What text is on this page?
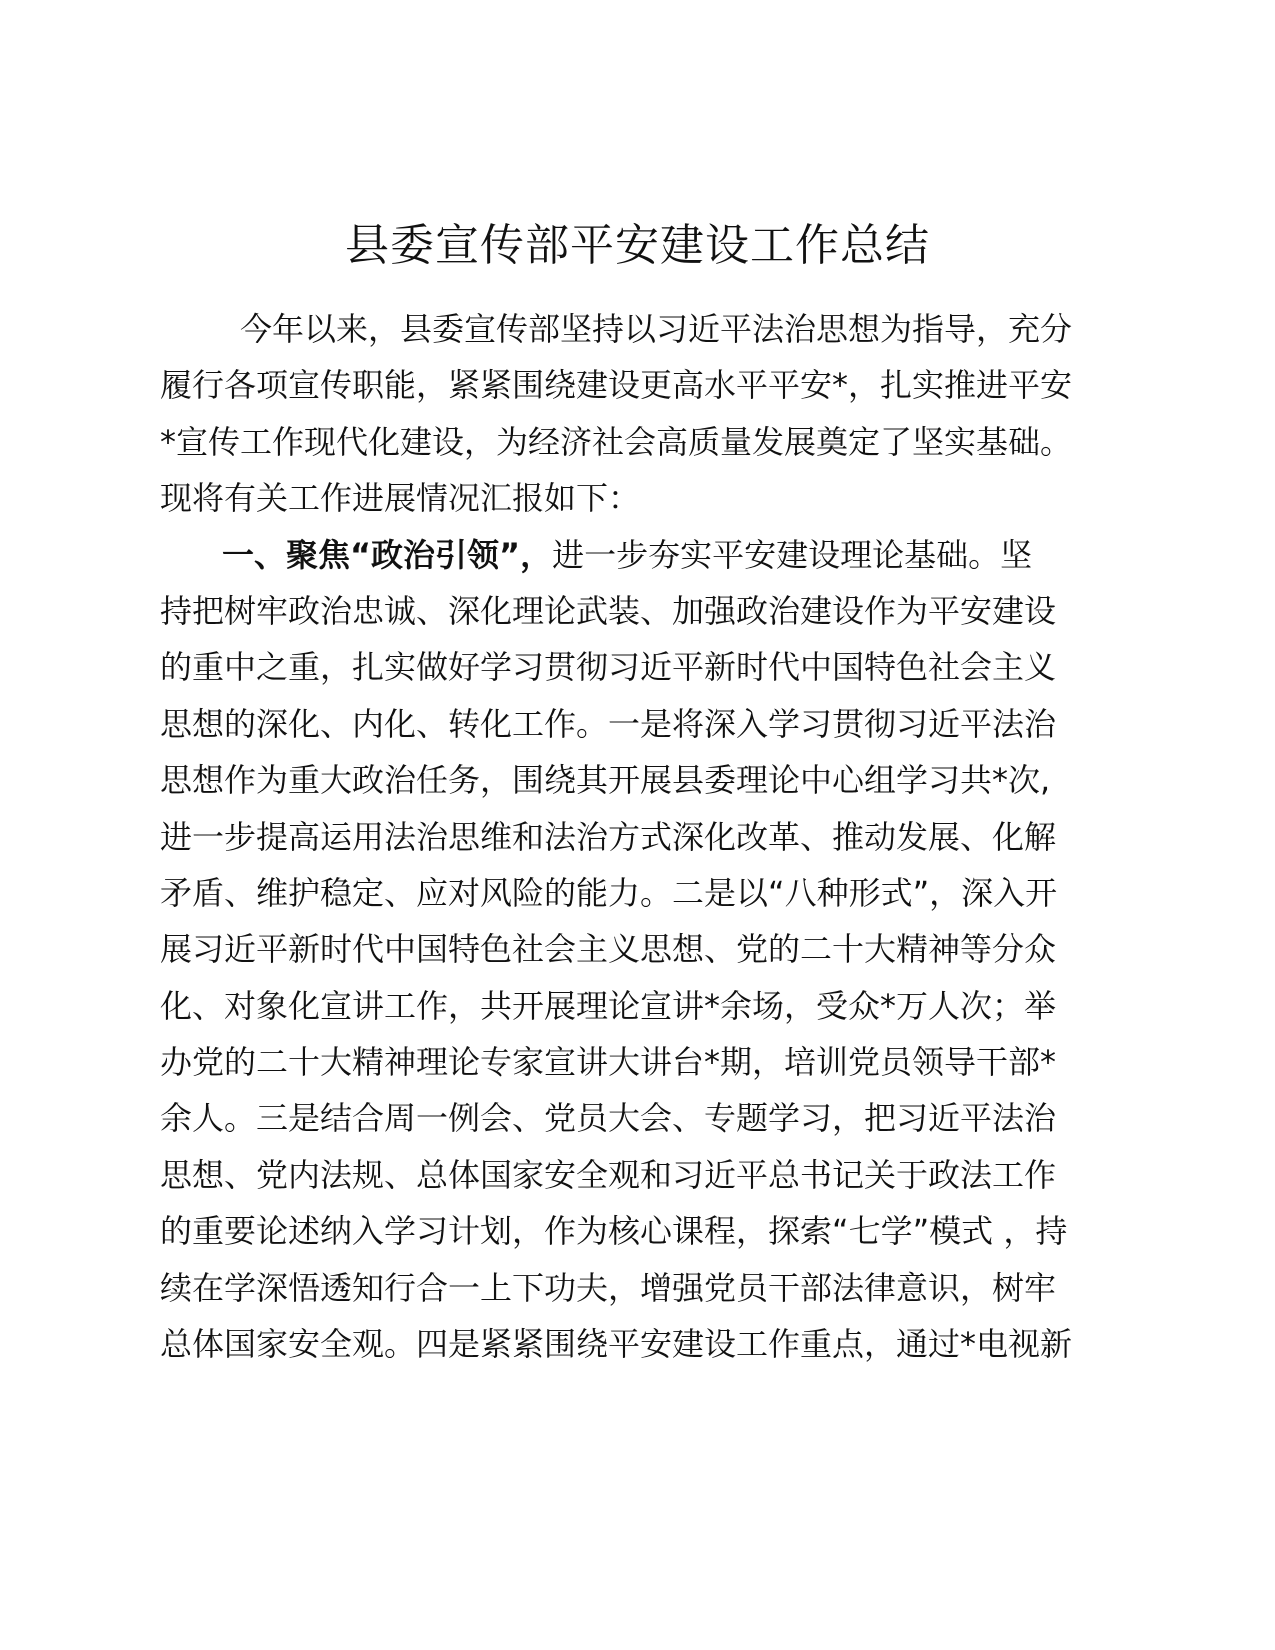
县委宣传部平安建设工作总结
今年以来，县委宣传部坚持以习近平法治思想为指导，充分
履行各项宣传职能，紧紧围绕建设更高水平平安*，扎实推进平安
*宣传工作现代化建设，为经济社会高质量发展奠定了坚实基础。
现将有关工作进展情况汇报如下：
一、聚焦“政治引领”，进一步夯实平安建设理论基础。坚
持把树牢政治忠诚、深化理论武装、加强政治建设作为平安建设
的重中之重，扎实做好学习贯彻习近平新时代中国特色社会主义
思想的深化、内化、转化工作。一是将深入学习贯彻习近平法治
思想作为重大政治任务，围绕其开展县委理论中心组学习共*次,
进一步提高运用法治思维和法治方式深化改革、推动发展、化解
矛盾、维护稳定、应对风险的能力。二是以“八种形式”，深入开
展习近平新时代中国特色社会主义思想、党的二十大精神等分众
化、对象化宣讲工作，共开展理论宣讲*余场，受众*万人次；举
办党的二十大精神理论专家宣讲大讲台*期，培训党员领导干部*
余人。三是结合周一例会、党员大会、专题学习，把习近平法治
思想、党内法规、总体国家安全观和习近平总书记关于政法工作
的重要论述纳入学习计划，作为核心课程，探索“七学”模式 ，持
续在学深悟透知行合一上下功夫，增强党员干部法律意识，树牢
总体国家安全观。四是紧紧围绕平安建设工作重点，通过*电视新
